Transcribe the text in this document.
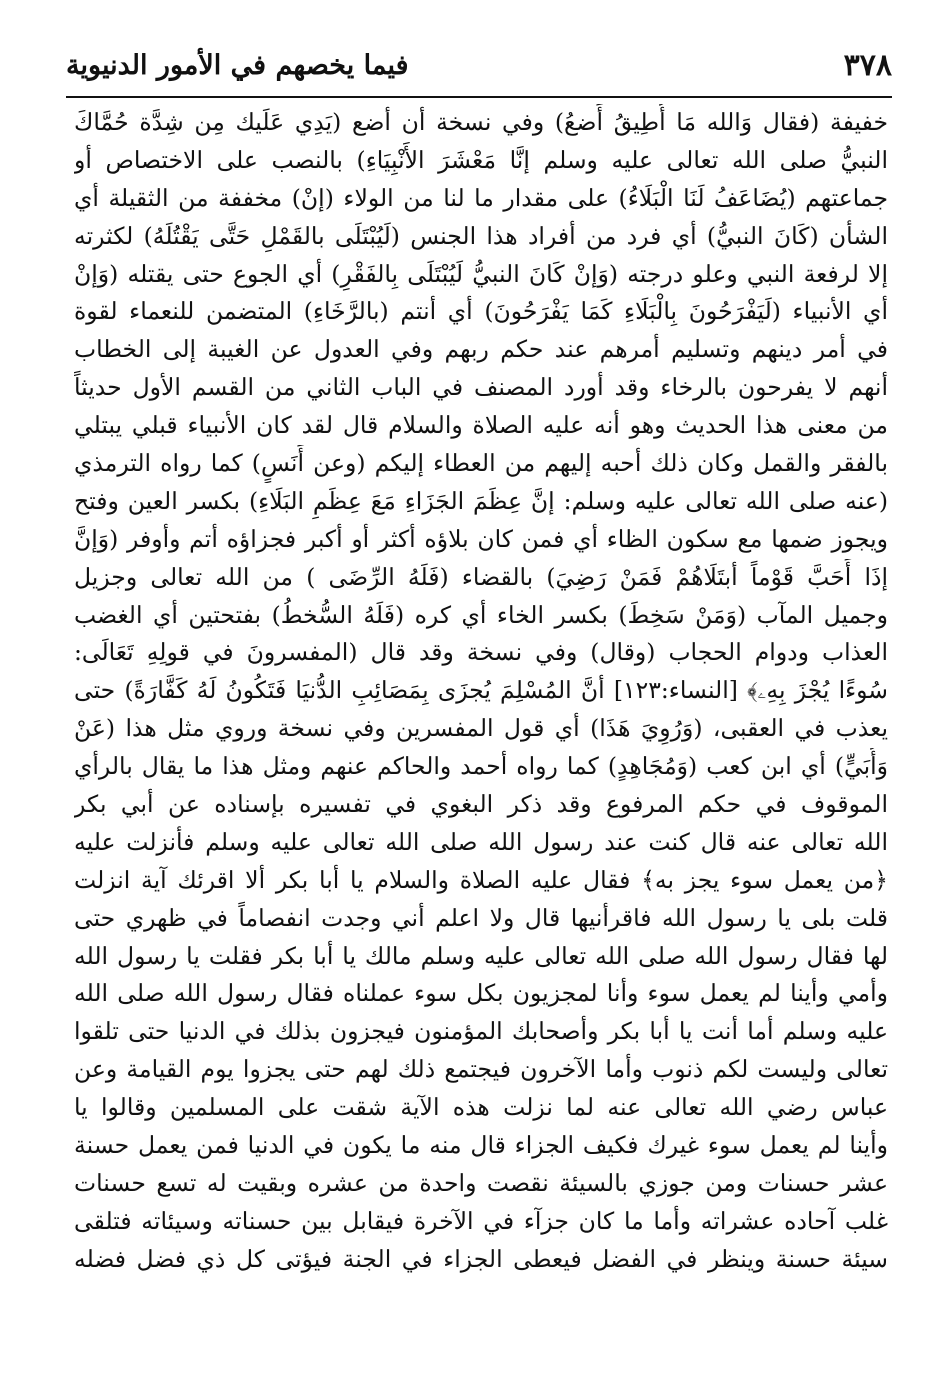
٣٧٨
فيما يخصهم في الأمور الدنيوية
خفيفة (فقال وَالله مَا أُطِيقُ أَضعُ) وفي نسخة أن أضع (يَدِي عَلَيك مِن شِدَّة حُمَّاكَ
النبيُّ صلى الله تعالى عليه وسلم إنَّا مَعْشَرَ الأَنْبِيَاءِ) بالنصب على الاختصاص أو
جماعتهم (يُضَاعَفُ لَنَا الْبَلَاءُ) على مقدار ما لنا من الولاء (إنْ) مخففة من الثقيلة أي
الشأن (كَانَ النبيُّ) أي فرد من أفراد هذا الجنس (لَيُبْتَلَى بالقَمْلِ حَتَّى يَقْتُلَهُ) لكثرته
إلا لرفعة النبي وعلو درجته (وَإنْ كَانَ النبيُّ لَيُبْتَلَى بِالفَقْرِ) أي الجوع حتى يقتله (وَإنْ
أي الأنبياء (لَيَفْرَحُونَ بِالْبَلَاءِ كَمَا يَفْرَحُونَ) أي أنتم (بالرَّخَاءِ) المتضمن للنعماء لقوة
في أمر دينهم وتسليم أمرهم عند حكم ربهم وفي العدول عن الغيبة إلى الخطاب
أنهم لا يفرحون بالرخاء وقد أورد المصنف في الباب الثاني من القسم الأول حديثاً
من معنى هذا الحديث وهو أنه عليه الصلاة والسلام قال لقد كان الأنبياء قبلي يبتلي
بالفقر والقمل وكان ذلك أحبه إليهم من العطاء إليكم (وعن أَنَسٍ) كما رواه الترمذي
(عنه صلى الله تعالى عليه وسلم: إنَّ عِظَمَ الجَزَاءِ مَعَ عِظَمِ البَلَاءِ) بكسر العين وفتح
ويجوز ضمها مع سكون الظاء أي فمن كان بلاؤه أكثر أو أكبر فجزاؤه أتم وأوفر (وَإنَّ
إذَا أَحَبَّ قَوْماً أبتَلَاهُمْ فَمَنْ رَضِيَ) بالقضاء (فَلَهُ الرِّضَى ) من الله تعالى وجزيل
وجميل المآب (وَمَنْ سَخِطَ) بكسر الخاء أي كره (فَلَهُ السُّخطُ) بفتحتين أي الغضب
العذاب ودوام الحجاب (وقال) وفي نسخة وقد قال (المفسرونَ في قولِهِ تَعَالَى:
سُوءًا يُجْزَ بِهِۦ﴾ [النساء:١٢٣] أنَّ المُسْلِمَ يُجزَى بِمَصَائِبِ الدُّنيَا فَتَكُونُ لَهُ كَفَّارَةً) حتى
يعذب في العقبى، (وَرُوِيَ هَذَا) أي قول المفسرين وفي نسخة وروي مثل هذا (عَنْ
وَأُبَيٍّ) أي ابن كعب (وَمُجَاهِدٍ) كما رواه أحمد والحاكم عنهم ومثل هذا ما يقال بالرأي
الموقوف في حكم المرفوع وقد ذكر البغوي في تفسيره بإسناده عن أبي بكر
الله تعالى عنه قال كنت عند رسول الله صلى الله تعالى عليه وسلم فأنزلت عليه
﴿من يعمل سوء يجز به﴾ فقال عليه الصلاة والسلام يا أبا بكر ألا اقرئك آية انزلت
قلت بلى يا رسول الله فاقرأنيها قال ولا اعلم أني وجدت انفصاماً في ظهري حتى
لها فقال رسول الله صلى الله تعالى عليه وسلم مالك يا أبا بكر فقلت يا رسول الله
وأمي وأينا لم يعمل سوء وأنا لمجزيون بكل سوء عملناه فقال رسول الله صلى الله
عليه وسلم أما أنت يا أبا بكر وأصحابك المؤمنون فيجزون بذلك في الدنيا حتى تلقوا
تعالى وليست لكم ذنوب وأما الآخرون فيجتمع ذلك لهم حتى يجزوا يوم القيامة وعن
عباس رضي الله تعالى عنه لما نزلت هذه الآية شقت على المسلمين وقالوا يا
وأينا لم يعمل سوء غيرك فكيف الجزاء قال منه ما يكون في الدنيا فمن يعمل حسنة
عشر حسنات ومن جوزي بالسيئة نقصت واحدة من عشره وبقيت له تسع حسنات
غلب آحاده عشراته وأما ما كان جزآء في الآخرة فيقابل بين حسناته وسيئاته فتلقى
سيئة حسنة وينظر في الفضل فيعطى الجزاء في الجنة فيؤتى كل ذي فضل فضله
